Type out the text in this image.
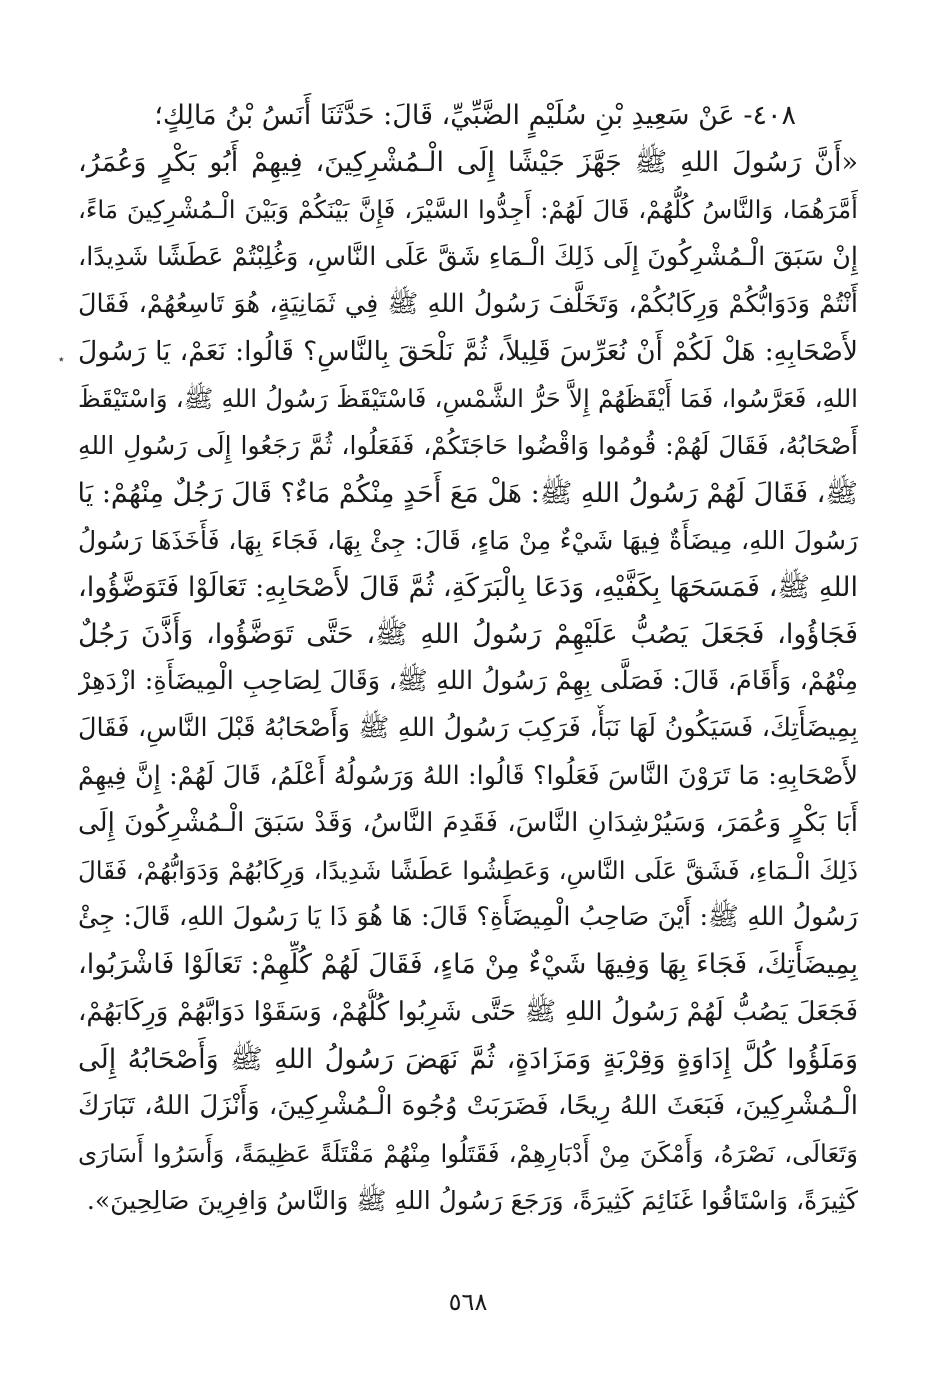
٭
٤٠٨- عَنْ سَعِيدِ بْنِ سُلَيْمٍ الضَّبِّيِّ، قَالَ: حَدَّثَنَا أَنَسُ بْنُ مَالِكٍ؛
«أَنَّ رَسُولَ اللهِ ﷺ جَهَّزَ جَيْشًا إِلَى الْـمُشْرِكِينَ، فِيهِمْ أَبُو بَكْرٍ وَعُمَرُ،
أَمَّرَهُمَا، وَالنَّاسُ كُلُّهُمْ، قَالَ لَهُمْ: أَجِدُّوا السَّيْرَ، فَإِنَّ بَيْنَكُمْ وَبَيْنَ الْـمُشْرِكِينَ مَاءً،
إِنْ سَبَقَ الْـمُشْرِكُونَ إِلَى ذَلِكَ الْـمَاءِ شَقَّ عَلَى النَّاسِ، وَغُلِبْتُمْ عَطَشًا شَدِيدًا،
أَنْتُمْ وَدَوَابُّكُمْ وَرِكَابُكُمْ، وَتَخَلَّفَ رَسُولُ اللهِ ﷺ فِي ثَمَانِيَةٍ، هُوَ تَاسِعُهُمْ، فَقَالَ
لأَصْحَابِهِ: هَلْ لَكُمْ أَنْ نُعَرِّسَ قَلِيلاً، ثُمَّ نَلْحَقَ بِالنَّاسِ؟ قَالُوا: نَعَمْ، يَا رَسُولَ
اللهِ، فَعَرَّسُوا، فَمَا أَيْقَظَهُمْ إِلاَّ حَرُّ الشَّمْسِ، فَاسْتَيْقَظَ رَسُولُ اللهِ ﷺ، وَاسْتَيْقَظَ
أَصْحَابُهُ، فَقَالَ لَهُمْ: قُومُوا وَاقْضُوا حَاجَتَكُمْ، فَفَعَلُوا، ثُمَّ رَجَعُوا إِلَى رَسُولِ اللهِ
ﷺ، فَقَالَ لَهُمْ رَسُولُ اللهِ ﷺ: هَلْ مَعَ أَحَدٍ مِنْكُمْ مَاءٌ؟ قَالَ رَجُلٌ مِنْهُمْ: يَا
رَسُولَ اللهِ، مِيضَأَةٌ فِيهَا شَيْءٌ مِنْ مَاءٍ، قَالَ: جِئْ بِهَا، فَجَاءَ بِهَا، فَأَخَذَهَا رَسُولُ
اللهِ ﷺ، فَمَسَحَهَا بِكَفَّيْهِ، وَدَعَا بِالْبَرَكَةِ، ثُمَّ قَالَ لأَصْحَابِهِ: تَعَالَوْا فَتَوَضَّؤُوا،
فَجَاؤُوا، فَجَعَلَ يَصُبُّ عَلَيْهِمْ رَسُولُ اللهِ ﷺ، حَتَّى تَوَضَّؤُوا، وَأَذَّنَ رَجُلٌ
مِنْهُمْ، وَأَقَامَ، قَالَ: فَصَلَّى بِهِمْ رَسُولُ اللهِ ﷺ، وَقَالَ لِصَاحِبِ الْمِيضَأَةِ: ازْدَهِرْ
بِمِيضَأَتِكَ، فَسَيَكُونُ لَهَا نَبَأٌ، فَرَكِبَ رَسُولُ اللهِ ﷺ وَأَصْحَابُهُ قَبْلَ النَّاسِ، فَقَالَ
لأَصْحَابِهِ: مَا تَرَوْنَ النَّاسَ فَعَلُوا؟ قَالُوا: اللهُ وَرَسُولُهُ أَعْلَمُ، قَالَ لَهُمْ: إِنَّ فِيهِمْ
أَبَا بَكْرٍ وَعُمَرَ، وَسَيُرْشِدَانِ النَّاسَ، فَقَدِمَ النَّاسُ، وَقَدْ سَبَقَ الْـمُشْرِكُونَ إِلَى
ذَلِكَ الْـمَاءِ، فَشَقَّ عَلَى النَّاسِ، وَعَطِشُوا عَطَشًا شَدِيدًا، وَرِكَابُهُمْ وَدَوَابُّهُمْ، فَقَالَ
رَسُولُ اللهِ ﷺ: أَيْنَ صَاحِبُ الْمِيضَأَةِ؟ قَالَ: هَا هُوَ ذَا يَا رَسُولَ اللهِ، قَالَ: جِئْ
بِمِيضَأَتِكَ، فَجَاءَ بِهَا وَفِيهَا شَيْءٌ مِنْ مَاءٍ، فَقَالَ لَهُمْ كُلِّهِمْ: تَعَالَوْا فَاشْرَبُوا،
فَجَعَلَ يَصُبُّ لَهُمْ رَسُولُ اللهِ ﷺ حَتَّى شَرِبُوا كُلُّهُمْ، وَسَقَوْا دَوَابَّهُمْ وَرِكَابَهُمْ،
وَمَلَؤُوا كُلَّ إِدَاوَةٍ وَقِرْبَةٍ وَمَزَادَةٍ، ثُمَّ نَهَضَ رَسُولُ اللهِ ﷺ وَأَصْحَابُهُ إِلَى
الْـمُشْرِكِينَ، فَبَعَثَ اللهُ رِيحًا، فَضَرَبَتْ وُجُوهَ الْـمُشْرِكِينَ، وَأَنْزَلَ اللهُ، تَبَارَكَ
وَتَعَالَى، نَصْرَهُ، وَأَمْكَنَ مِنْ أَدْبَارِهِمْ، فَقَتَلُوا مِنْهُمْ مَقْتَلَةً عَظِيمَةً، وَأَسَرُوا أَسَارَى
كَثِيرَةً، وَاسْتَاقُوا غَنَائِمَ كَثِيرَةً، وَرَجَعَ رَسُولُ اللهِ ﷺ وَالنَّاسُ وَافِرِينَ صَالِحِينَ».
٥٦٨
